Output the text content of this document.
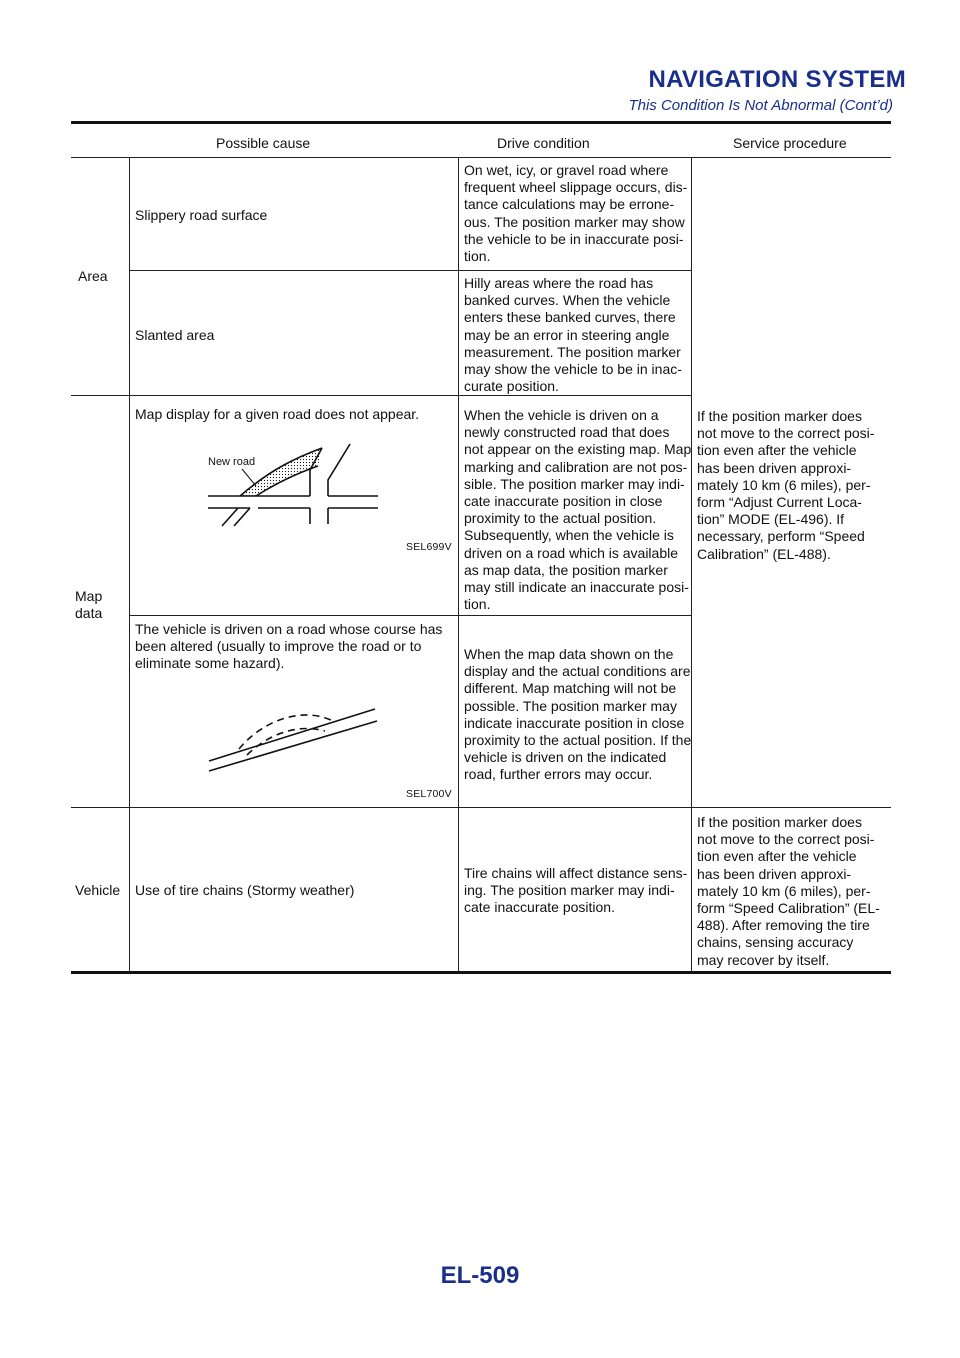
NAVIGATION SYSTEM
This Condition Is Not Abnormal (Cont’d)
Possible cause	Drive condition	Service procedure
Area
Map
data
Vehicle
Slippery road surface
On wet, icy, or gravel road where
frequent wheel slippage occurs, dis-
tance calculations may be errone-
ous. The position marker may show
the vehicle to be in inaccurate posi-
tion.
Slanted area
Hilly areas where the road has
banked curves. When the vehicle
enters these banked curves, there
may be an error in steering angle
measurement. The position marker
may show the vehicle to be in inac-
curate position.
Map display for a given road does not appear.
New road
SEL699V
When the vehicle is driven on a
newly constructed road that does
not appear on the existing map. Map
marking and calibration are not pos-
sible. The position marker may indi-
cate inaccurate position in close
proximity to the actual position.
Subsequently, when the vehicle is
driven on a road which is available
as map data, the position marker
may still indicate an inaccurate posi-
tion.
The vehicle is driven on a road whose course has
been altered (usually to improve the road or to
eliminate some hazard).
SEL700V
When the map data shown on the
display and the actual conditions are
different. Map matching will not be
possible. The position marker may
indicate inaccurate position in close
proximity to the actual position. If the
vehicle is driven on the indicated
road, further errors may occur.
If the position marker does
not move to the correct posi-
tion even after the vehicle
has been driven approxi-
mately 10 km (6 miles), per-
form “Adjust Current Loca-
tion” MODE (EL-496). If
necessary, perform “Speed
Calibration” (EL-488).
Use of tire chains (Stormy weather)
Tire chains will affect distance sens-
ing. The position marker may indi-
cate inaccurate position.
If the position marker does
not move to the correct posi-
tion even after the vehicle
has been driven approxi-
mately 10 km (6 miles), per-
form “Speed Calibration” (EL-
488). After removing the tire
chains, sensing accuracy
may recover by itself.
EL-509
